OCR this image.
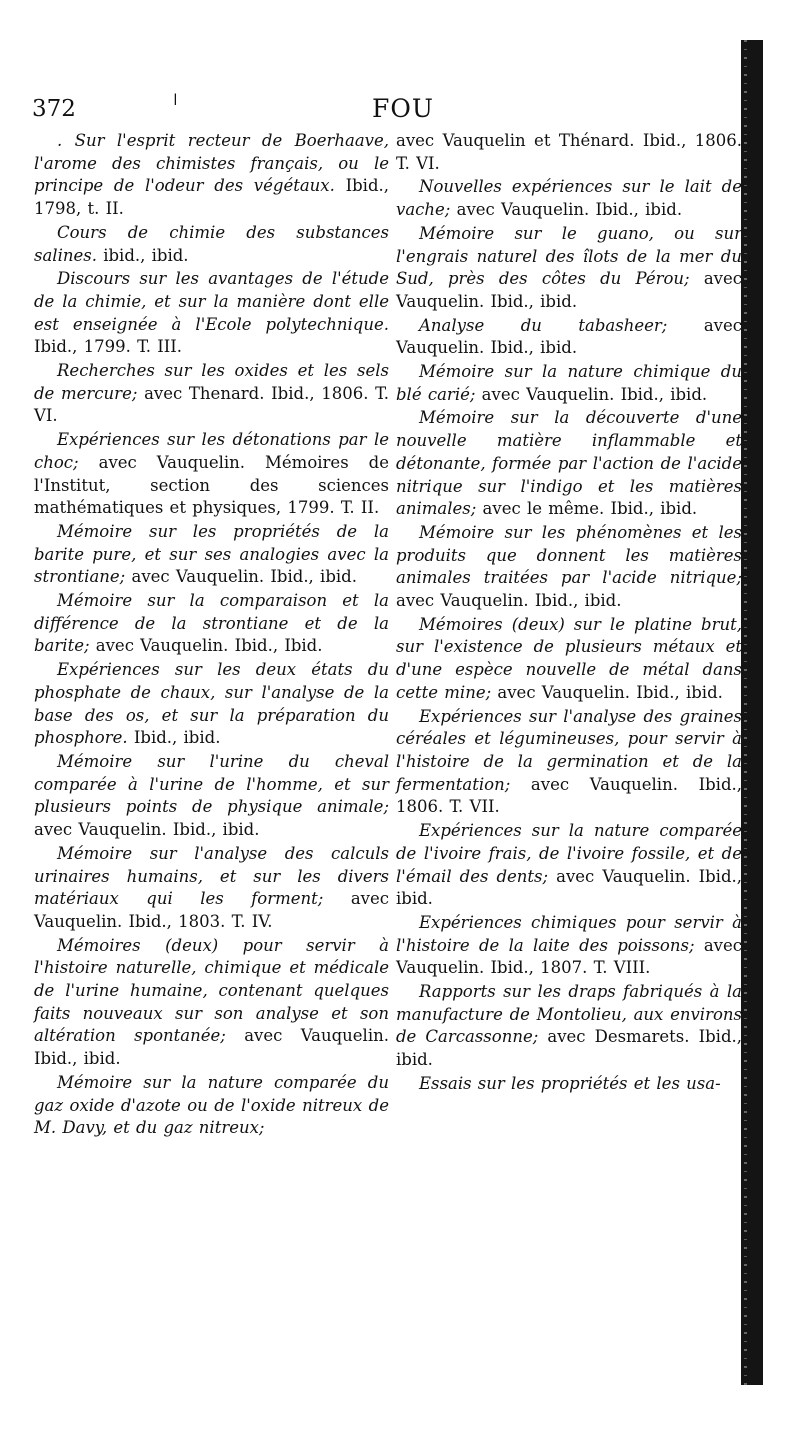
372	ǀ	FOU

. Sur l'esprit recteur de Boerhaave, l'arome des chimistes français, ou le principe de l'odeur des végétaux. Ibid., 1798, t. II.

Cours de chimie des substances salines. ibid., ibid.

Discours sur les avantages de l'étude de la chimie, et sur la manière dont elle est enseignée à l'Ecole polytechnique. Ibid., 1799. T. III.

Recherches sur les oxides et les sels de mercure; avec Thenard. Ibid., 1806. T. VI.

Expériences sur les détonations par le choc; avec Vauquelin. Mémoires de l'Institut, section des sciences mathématiques et physiques, 1799. T. II.

Mémoire sur les propriétés de la barite pure, et sur ses analogies avec la strontiane; avec Vauquelin. Ibid., ibid.

Mémoire sur la comparaison et la différence de la strontiane et de la barite; avec Vauquelin. Ibid., Ibid.

Expériences sur les deux états du phosphate de chaux, sur l'analyse de la base des os, et sur la préparation du phosphore. Ibid., ibid.

Mémoire sur l'urine du cheval comparée à l'urine de l'homme, et sur plusieurs points de physique animale; avec Vauquelin. Ibid., ibid.

Mémoire sur l'analyse des calculs urinaires humains, et sur les divers matériaux qui les forment; avec Vauquelin. Ibid., 1803. T. IV.

Mémoires (deux) pour servir à l'histoire naturelle, chimique et médicale de l'urine humaine, contenant quelques faits nouveaux sur son analyse et son altération spontanée; avec Vauquelin. Ibid., ibid.

Mémoire sur la nature comparée du gaz oxide d'azote ou de l'oxide nitreux de M. Davy, et du gaz nitreux;

avec Vauquelin et Thénard. Ibid., 1806. T. VI.

Nouvelles expériences sur le lait de vache; avec Vauquelin. Ibid., ibid.

Mémoire sur le guano, ou sur l'engrais naturel des îlots de la mer du Sud, près des côtes du Pérou; avec Vauquelin. Ibid., ibid.

Analyse du tabasheer; avec Vauquelin. Ibid., ibid.

Mémoire sur la nature chimique du blé carié; avec Vauquelin. Ibid., ibid.

Mémoire sur la découverte d'une nouvelle matière inflammable et détonante, formée par l'action de l'acide nitrique sur l'indigo et les matières animales; avec le même. Ibid., ibid.

Mémoire sur les phénomènes et les produits que donnent les matières animales traitées par l'acide nitrique; avec Vauquelin. Ibid., ibid.

Mémoires (deux) sur le platine brut, sur l'existence de plusieurs métaux et d'une espèce nouvelle de métal dans cette mine; avec Vauquelin. Ibid., ibid.

Expériences sur l'analyse des graines céréales et légumineuses, pour servir à l'histoire de la germination et de la fermentation; avec Vauquelin. Ibid., 1806. T. VII.

Expériences sur la nature comparée de l'ivoire frais, de l'ivoire fossile, et de l'émail des dents; avec Vauquelin. Ibid., ibid.

Expériences chimiques pour servir à l'histoire de la laite des poissons; avec Vauquelin. Ibid., 1807. T. VIII.

Rapports sur les draps fabriqués à la manufacture de Montolieu, aux environs de Carcassonne; avec Desmarets. Ibid., ibid.

Essais sur les propriétés et les usa-
